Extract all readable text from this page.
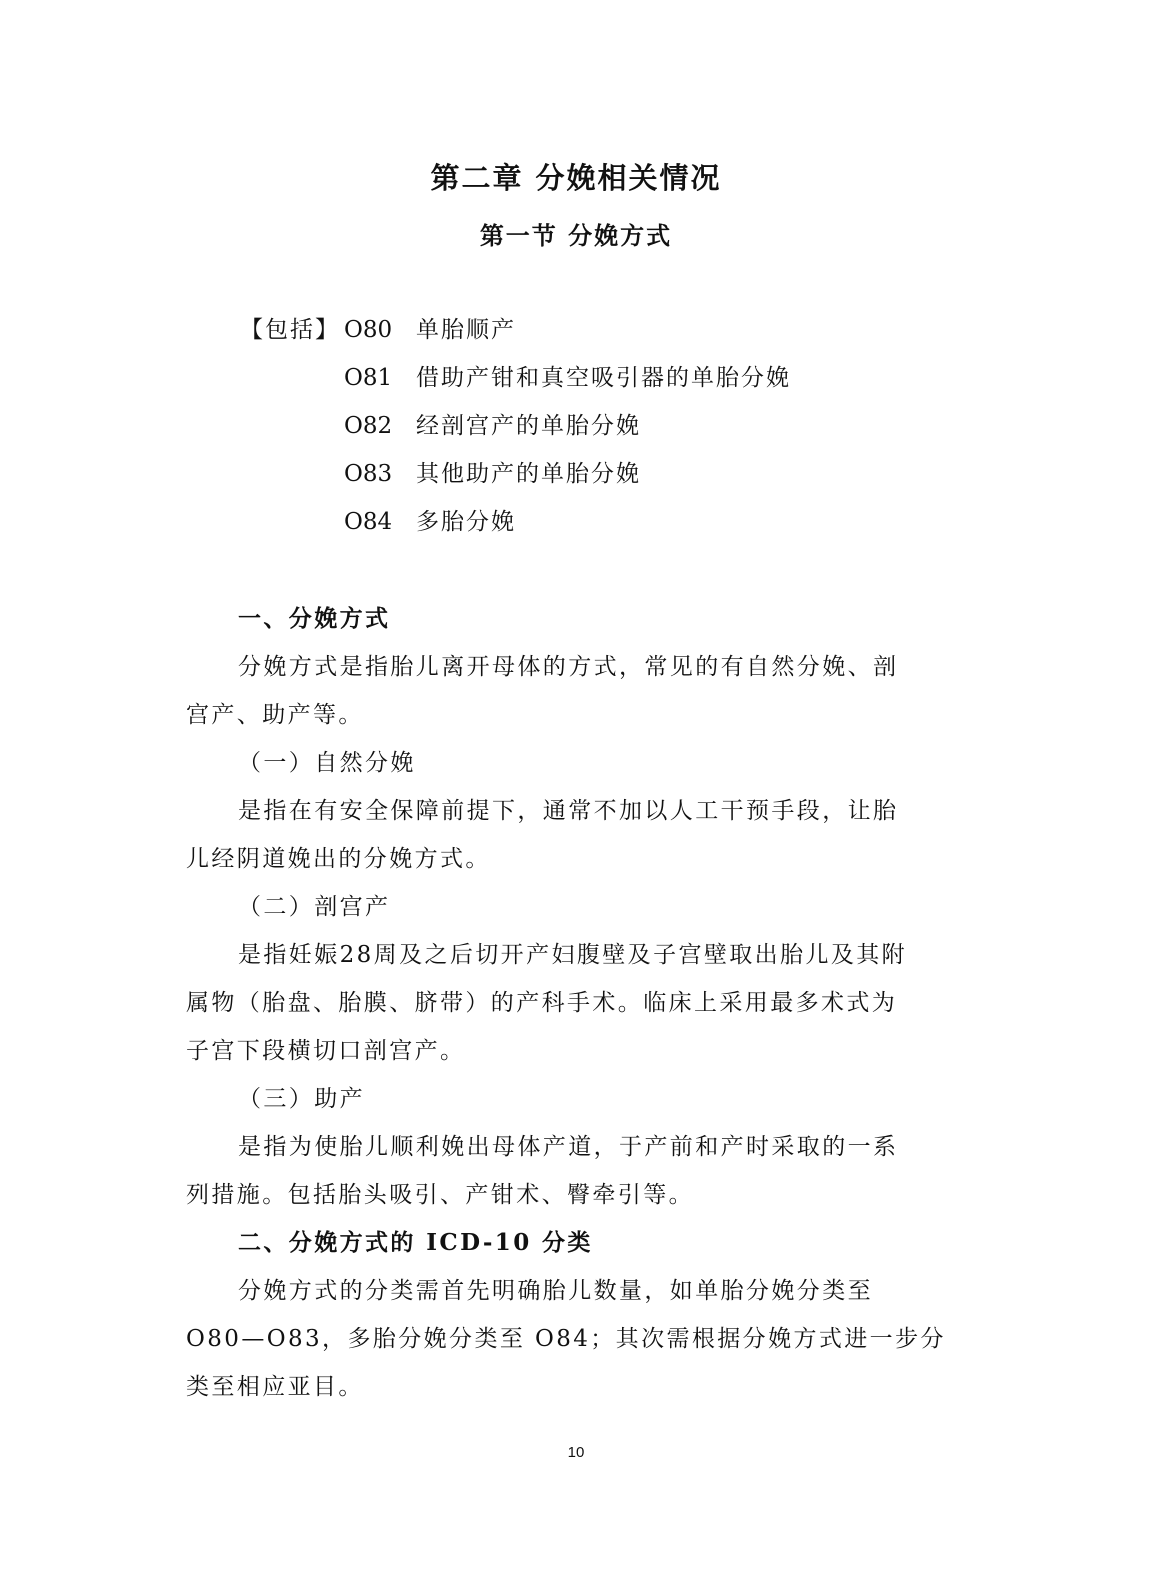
第二章 分娩相关情况
第一节 分娩方式
【包括】 O80 单胎顺产
O81 借助产钳和真空吸引器的单胎分娩
O82 经剖宫产的单胎分娩
O83 其他助产的单胎分娩
O84 多胎分娩
一、分娩方式
分娩方式是指胎儿离开母体的方式，常见的有自然分娩、剖
宫产、助产等。
（一）自然分娩
是指在有安全保障前提下，通常不加以人工干预手段，让胎
儿经阴道娩出的分娩方式。
（二）剖宫产
是指妊娠28周及之后切开产妇腹壁及子宫壁取出胎儿及其附
属物（胎盘、胎膜、脐带）的产科手术。临床上采用最多术式为
子宫下段横切口剖宫产。
（三）助产
是指为使胎儿顺利娩出母体产道，于产前和产时采取的一系
列措施。包括胎头吸引、产钳术、臀牵引等。
二、分娩方式的 ICD-10 分类
分娩方式的分类需首先明确胎儿数量，如单胎分娩分类至
O80—O83，多胎分娩分类至 O84；其次需根据分娩方式进一步分
类至相应亚目。
10
